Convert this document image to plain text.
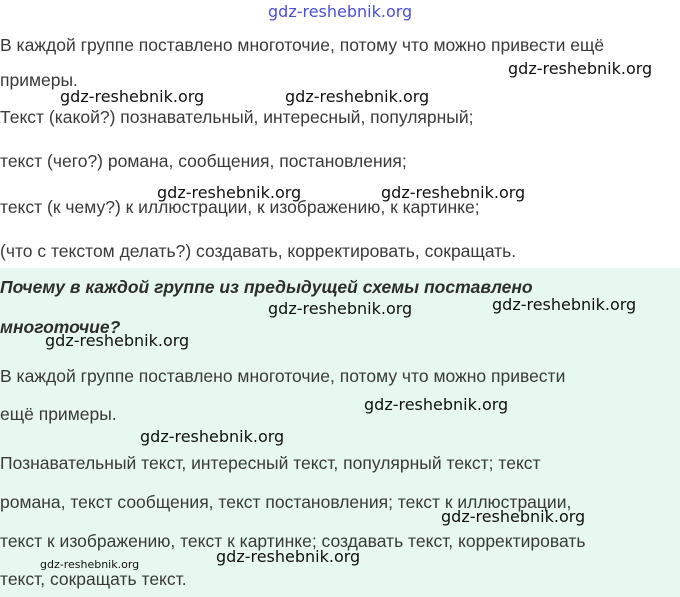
gdz-reshebnik.org
В каждой группе поставлено многоточие, потому что можно привести ещё
примеры.
Текст (какой?) познавательный, интересный, популярный;
текст (чего?) романа, сообщения, постановления;
текст (к чему?) к иллюстрации, к изображению, к картинке;
(что с текстом делать?) создавать, корректировать, сокращать.
Почему в каждой группе из предыдущей схемы поставлено
многоточие?
В каждой группе поставлено многоточие, потому что можно привести
ещё примеры.
Познавательный текст, интересный текст, популярный текст; текст
романа, текст сообщения, текст постановления; текст к иллюстрации,
текст к изображению, текст к картинке; создавать текст, корректировать
текст, сокращать текст.
gdz-reshebnik.org
gdz-reshebnik.org	gdz-reshebnik.org
gdz-reshebnik.org	gdz-reshebnik.org
gdz-reshebnik.org	gdz-reshebnik.org
gdz-reshebnik.org
gdz-reshebnik.org
gdz-reshebnik.org
gdz-reshebnik.org
gdz-reshebnik.org
gdz-reshebnik.org
